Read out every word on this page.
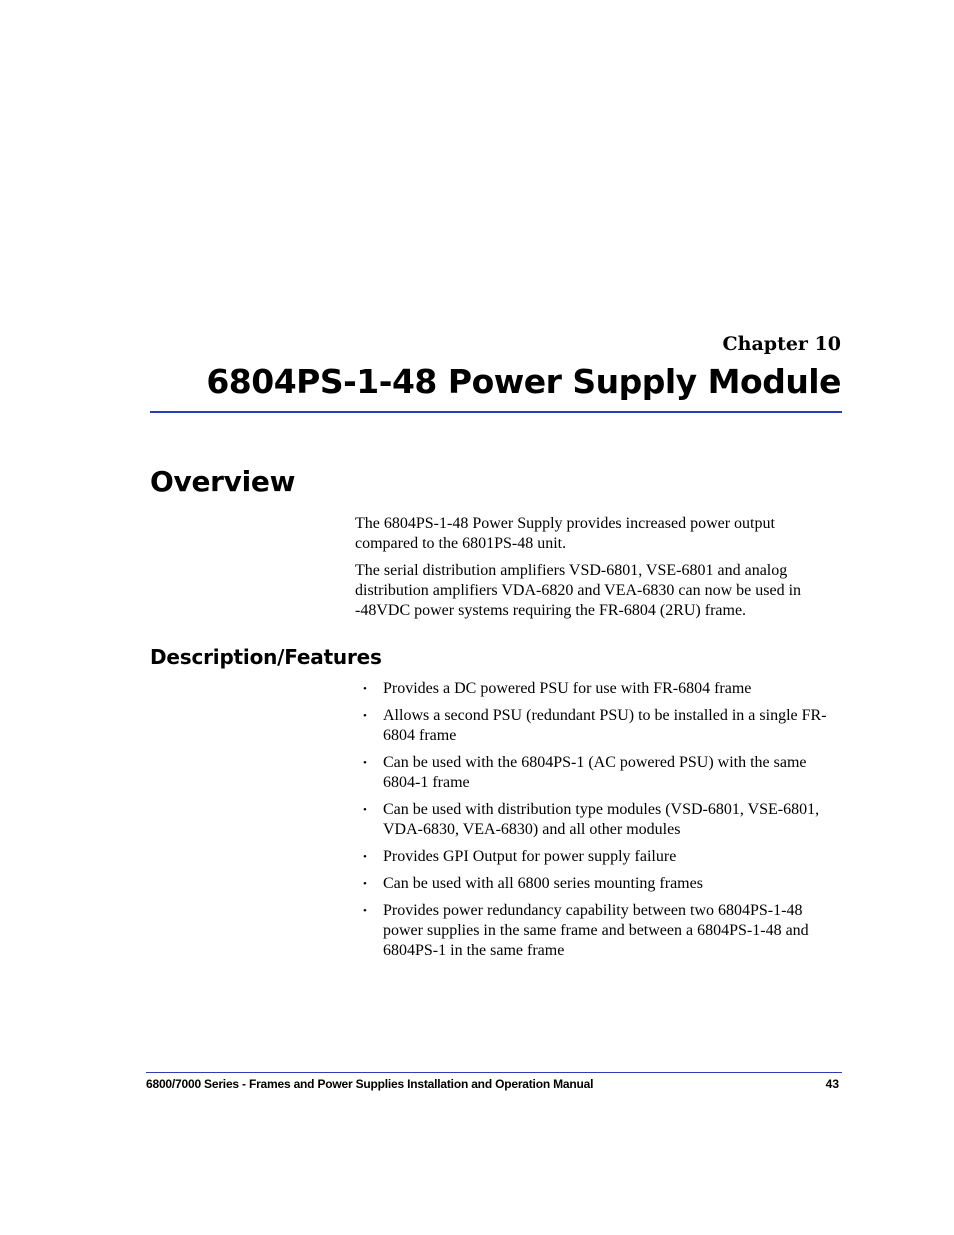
Chapter 10
6804PS-1-48 Power Supply Module
Overview

The 6804PS-1-48 Power Supply provides increased power output compared to the 6801PS-48 unit.

The serial distribution amplifiers VSD-6801, VSE-6801 and analog distribution amplifiers VDA-6820 and VEA-6830 can now be used in -48VDC power systems requiring the FR-6804 (2RU) frame.

Description/Features
• Provides a DC powered PSU for use with FR-6804 frame
• Allows a second PSU (redundant PSU) to be installed in a single FR-6804 frame
• Can be used with the 6804PS-1 (AC powered PSU) with the same 6804-1 frame
• Can be used with distribution type modules (VSD-6801, VSE-6801, VDA-6830, VEA-6830) and all other modules
• Provides GPI Output for power supply failure
• Can be used with all 6800 series mounting frames
• Provides power redundancy capability between two 6804PS-1-48 power supplies in the same frame and between a 6804PS-1-48 and 6804PS-1 in the same frame
6800/7000 Series - Frames and Power Supplies Installation and Operation Manual	43
